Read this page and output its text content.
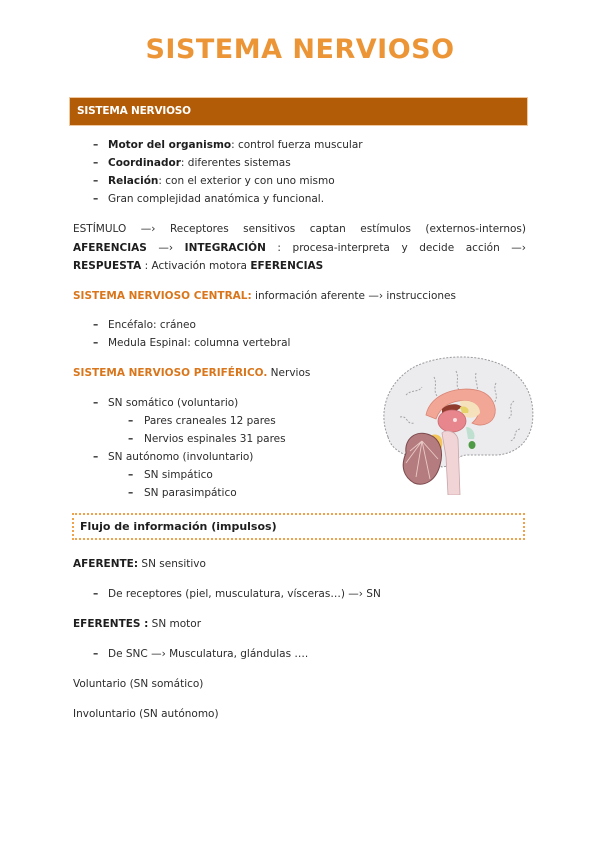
SISTEMA NERVIOSO
SISTEMA NERVIOSO
– Motor del organismo: control fuerza muscular
– Coordinador: diferentes sistemas
– Relación: con el exterior y con uno mismo
– Gran complejidad anatómica y funcional.
ESTÍMULO —› Receptores sensitivos captan estímulos (externos-internos) AFERENCIAS —› INTEGRACIÓN : procesa-interpreta y decide acción —› RESPUESTA : Activación motora EFERENCIAS
SISTEMA NERVIOSO CENTRAL: información aferente —› instrucciones
– Encéfalo: cráneo
– Medula Espinal: columna vertebral
SISTEMA NERVIOSO PERIFÉRICO. Nervios
– SN somático (voluntario)
– Pares craneales 12 pares
– Nervios espinales 31 pares
– SN autónomo (involuntario)
– SN simpático
– SN parasimpático
Flujo de información (impulsos)
AFERENTE: SN sensitivo
– De receptores (piel, musculatura, vísceras…) —› SN
EFERENTES : SN motor
– De SNC —› Musculatura, glándulas ….
Voluntario (SN somático)
Involuntario (SN autónomo)
